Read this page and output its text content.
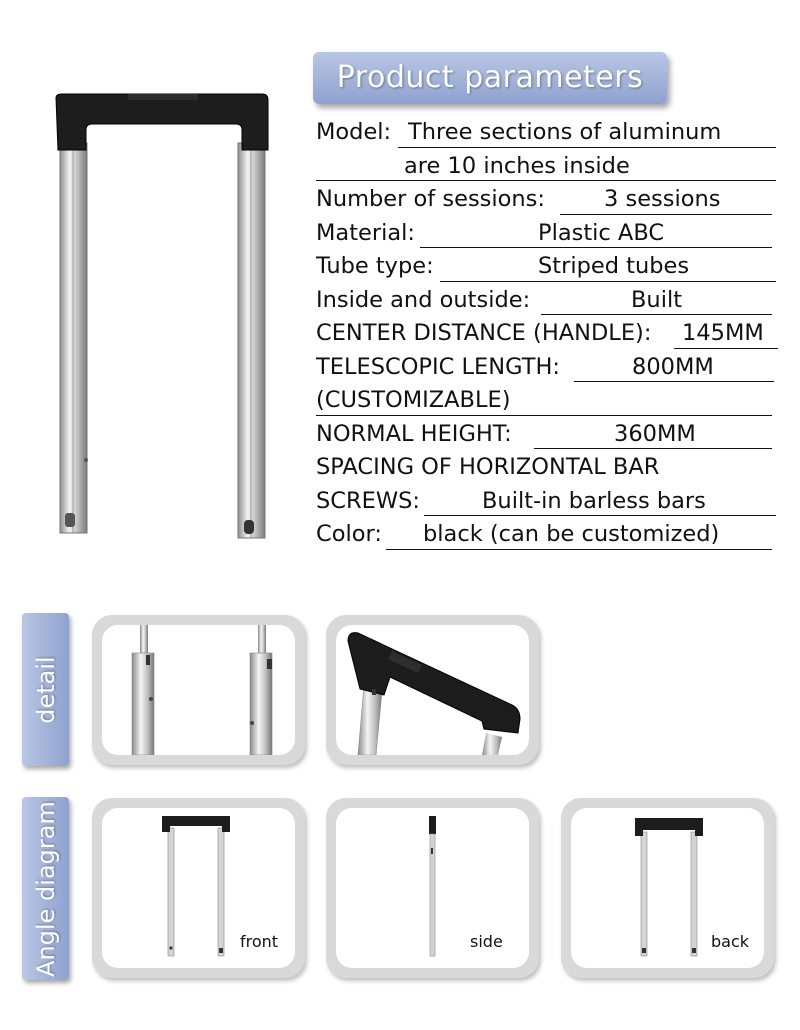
Product parameters
Model: Three sections of aluminum
are 10 inches inside
Number of sessions:	3 sessions
Material:	Plastic ABC
Tube type:	Striped tubes
Inside and outside:	Built
CENTER DISTANCE (HANDLE): 145MM
TELESCOPIC LENGTH:	800MM
(CUSTOMIZABLE)
NORMAL HEIGHT:	360MM
SPACING OF HORIZONTAL BAR
SCREWS:	Built-in barless bars
Color: black (can be customized)
detail
Angle diagram	front	side	back
